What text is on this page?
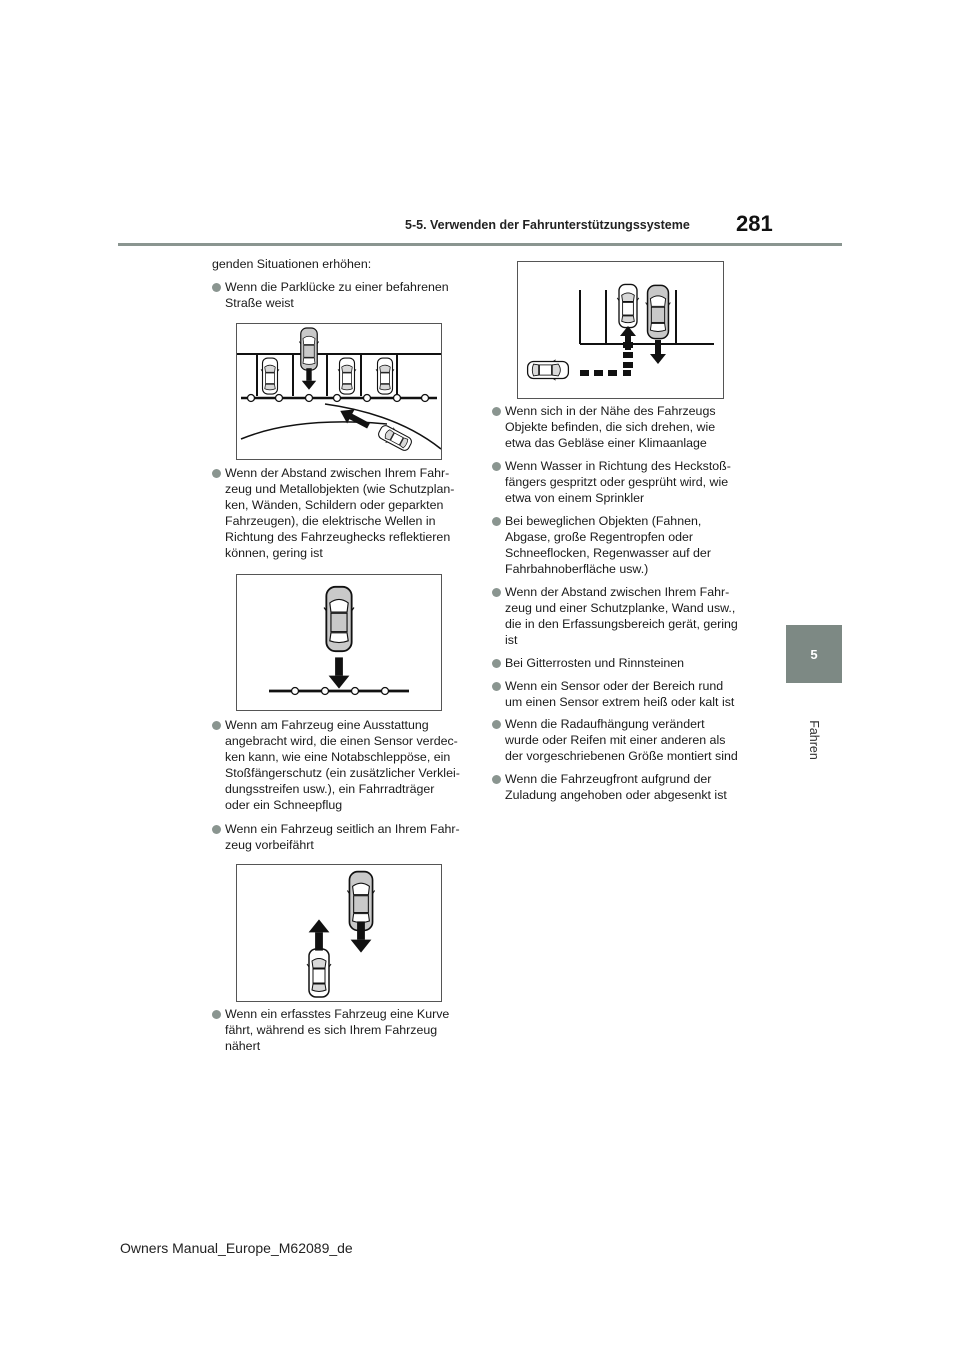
5-5. Verwenden der Fahrunterstützungssysteme	281
5
Fahren
genden Situationen erhöhen:
Wenn die Parklücke zu einer befahrenen
Straße weist
Wenn der Abstand zwischen Ihrem Fahr-
zeug und Metallobjekten (wie Schutzplan-
ken, Wänden, Schildern oder geparkten
Fahrzeugen), die elektrische Wellen in
Richtung des Fahrzeughecks reflektieren
können, gering ist
Wenn am Fahrzeug eine Ausstattung
angebracht wird, die einen Sensor verdec-
ken kann, wie eine Notabschleppöse, ein
Stoßfängerschutz (ein zusätzlicher Verklei-
dungsstreifen usw.), ein Fahrradträger
oder ein Schneepflug
Wenn ein Fahrzeug seitlich an Ihrem Fahr-
zeug vorbeifährt
Wenn ein erfasstes Fahrzeug eine Kurve
fährt, während es sich Ihrem Fahrzeug
nähert
Wenn sich in der Nähe des Fahrzeugs
Objekte befinden, die sich drehen, wie
etwa das Gebläse einer Klimaanlage
Wenn Wasser in Richtung des Heckstoß-
fängers gespritzt oder gesprüht wird, wie
etwa von einem Sprinkler
Bei beweglichen Objekten (Fahnen,
Abgase, große Regentropfen oder
Schneeflocken, Regenwasser auf der
Fahrbahnoberfläche usw.)
Wenn der Abstand zwischen Ihrem Fahr-
zeug und einer Schutzplanke, Wand usw.,
die in den Erfassungsbereich gerät, gering
ist
Bei Gitterrosten und Rinnsteinen
Wenn ein Sensor oder der Bereich rund
um einen Sensor extrem heiß oder kalt ist
Wenn die Radaufhängung verändert
wurde oder Reifen mit einer anderen als
der vorgeschriebenen Größe montiert sind
Wenn die Fahrzeugfront aufgrund der
Zuladung angehoben oder abgesenkt ist
Owners Manual_Europe_M62089_de
